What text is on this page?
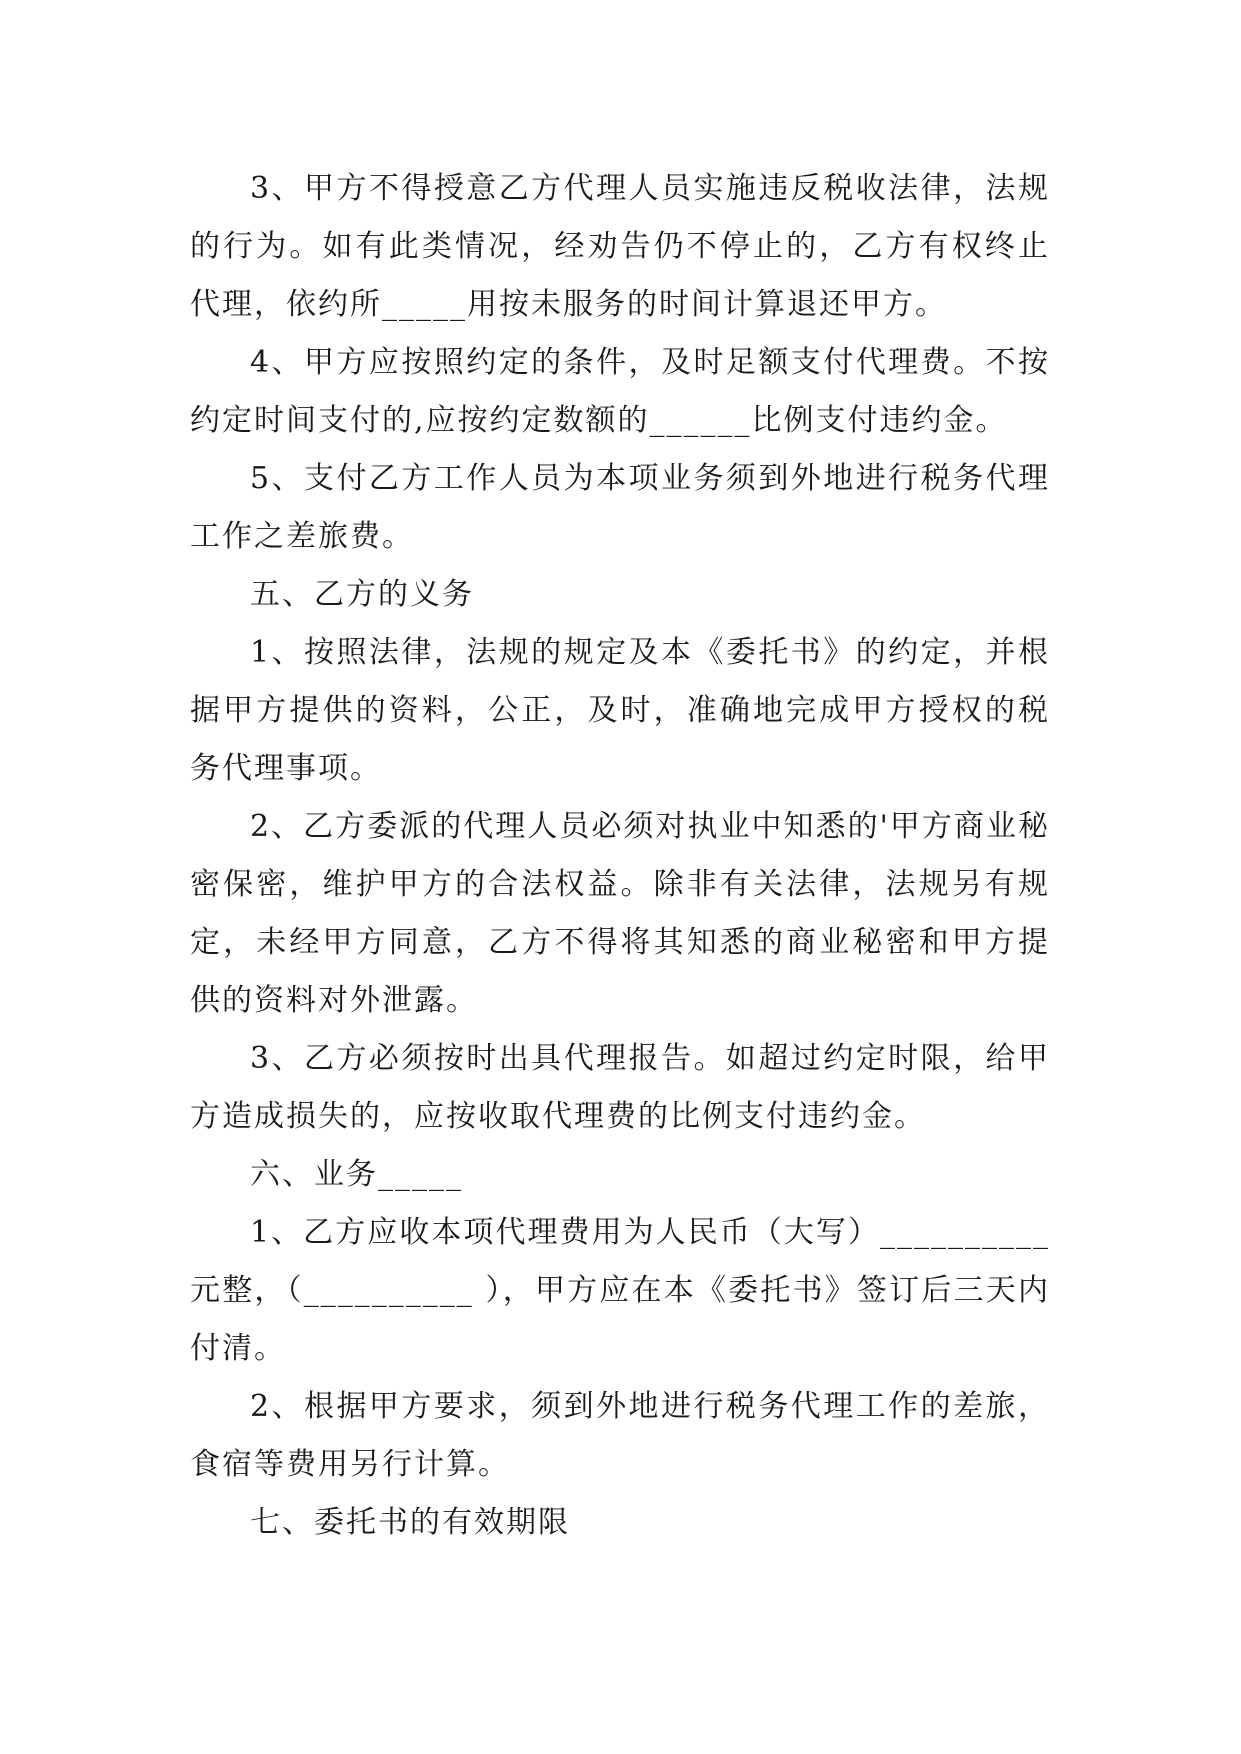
3、甲方不得授意乙方代理人员实施违反税收法律，法规的行为。如有此类情况，经劝告仍不停止的，乙方有权终止代理，依约所_____用按未服务的时间计算退还甲方。

4、甲方应按照约定的条件，及时足额支付代理费。不按约定时间支付的,应按约定数额的______比例支付违约金。

5、支付乙方工作人员为本项业务须到外地进行税务代理工作之差旅费。

五、乙方的义务

1、按照法律，法规的规定及本《委托书》的约定，并根据甲方提供的资料，公正，及时，准确地完成甲方授权的税务代理事项。

2、乙方委派的代理人员必须对执业中知悉的'甲方商业秘密保密，维护甲方的合法权益。除非有关法律，法规另有规定，未经甲方同意，乙方不得将其知悉的商业秘密和甲方提供的资料对外泄露。

3、乙方必须按时出具代理报告。如超过约定时限，给甲方造成损失的，应按收取代理费的比例支付违约金。

六、业务_____

1、乙方应收本项代理费用为人民币（大写）__________元整，（__________ ），甲方应在本《委托书》签订后三天内付清。

2、根据甲方要求，须到外地进行税务代理工作的差旅，食宿等费用另行计算。

七、委托书的有效期限
